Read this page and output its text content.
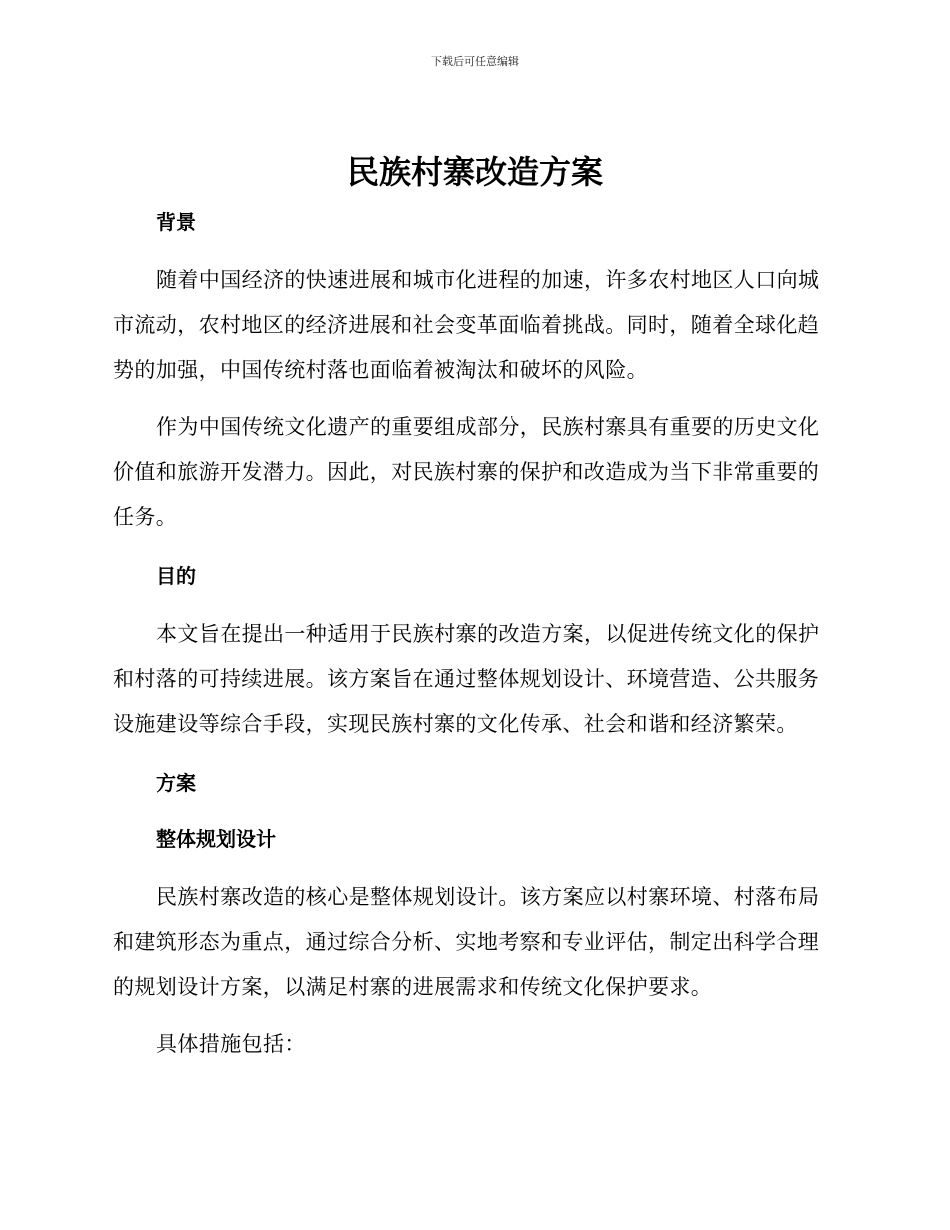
下载后可任意编辑
民族村寨改造方案
背景

随着中国经济的快速进展和城市化进程的加速，许多农村地区人口向城市流动，农村地区的经济进展和社会变革面临着挑战。同时，随着全球化趋势的加强，中国传统村落也面临着被淘汰和破坏的风险。

作为中国传统文化遗产的重要组成部分，民族村寨具有重要的历史文化价值和旅游开发潜力。因此，对民族村寨的保护和改造成为当下非常重要的任务。

目的

本文旨在提出一种适用于民族村寨的改造方案，以促进传统文化的保护和村落的可持续进展。该方案旨在通过整体规划设计、环境营造、公共服务设施建设等综合手段，实现民族村寨的文化传承、社会和谐和经济繁荣。

方案
整体规划设计

民族村寨改造的核心是整体规划设计。该方案应以村寨环境、村落布局和建筑形态为重点，通过综合分析、实地考察和专业评估，制定出科学合理的规划设计方案，以满足村寨的进展需求和传统文化保护要求。

具体措施包括：
